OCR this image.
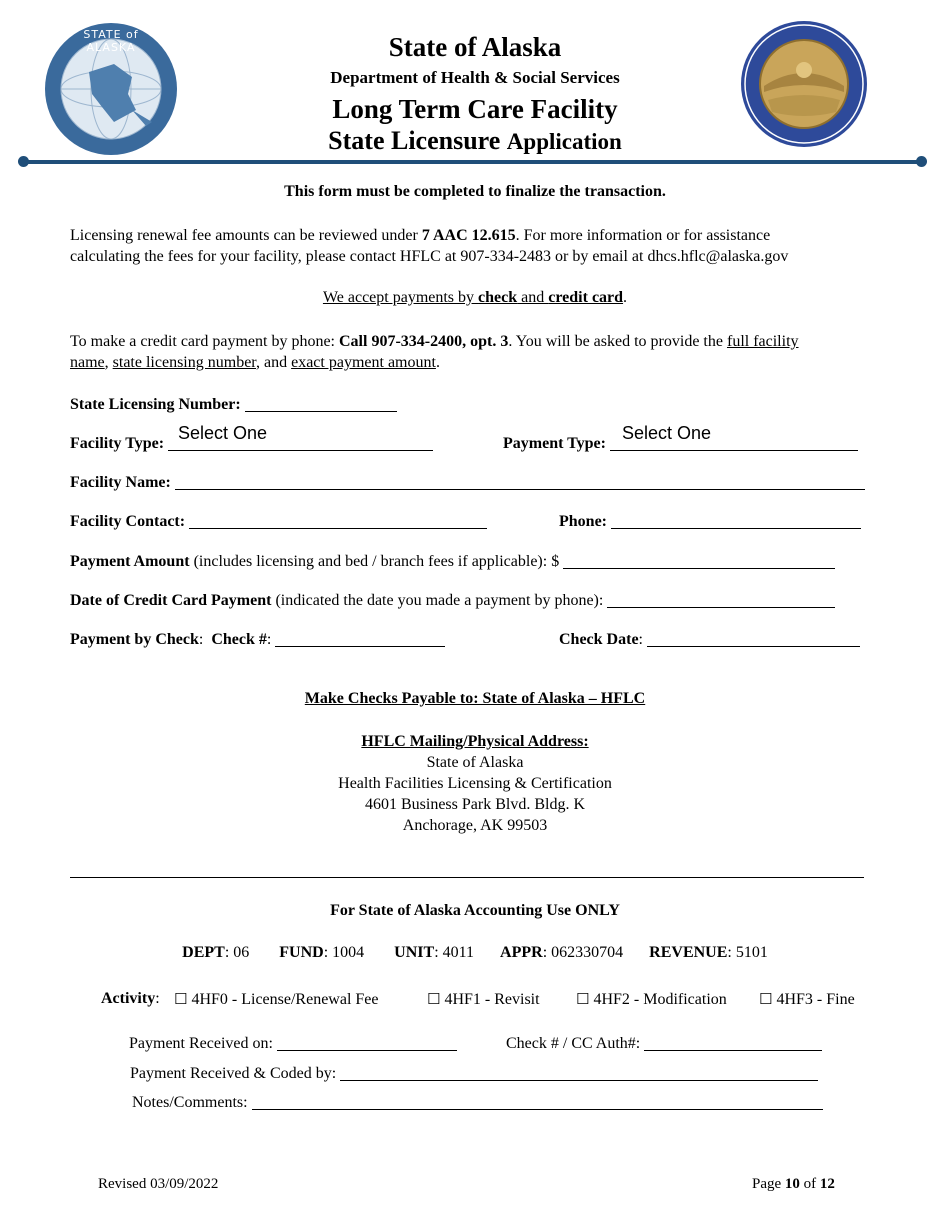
STATE of ALASKA	State of Alaska
Department of Health & Social Services
Long Term Care Facility
State Licensure Application
This form must be completed to finalize the transaction.
Licensing renewal fee amounts can be reviewed under 7 AAC 12.615. For more information or for assistance
calculating the fees for your facility, please contact HFLC at 907-334-2483 or by email at dhcs.hflc@alaska.gov
We accept payments by check and credit card.
To make a credit card payment by phone: Call 907-334-2400, opt. 3. You will be asked to provide the full facility
name, state licensing number, and exact payment amount.
State Licensing Number:
Facility Type:
Select One
Payment Type:
Select One
Facility Name:
Facility Contact:	Phone:
Payment Amount (includes licensing and bed / branch fees if applicable): $
Date of Credit Card Payment (indicated the date you made a payment by phone):
Payment by Check: Check #:	Check Date:
Make Checks Payable to: State of Alaska – HFLC
HFLC Mailing/Physical Address:
State of Alaska
Health Facilities Licensing & Certification
4601 Business Park Blvd. Bldg. K
Anchorage, AK 99503
For State of Alaska Accounting Use ONLY
DEPT: 06 FUND: 1004 UNIT: 4011 APPR: 062330704 REVENUE: 5101
Activity: ☐ 4HF0 - License/Renewal Fee	☐ 4HF1 - Revisit ☐ 4HF2 - Modification ☐ 4HF3 - Fine
Payment Received on:	Check # / CC Auth#:
Payment Received & Coded by:
Notes/Comments:
Revised 03/09/2022	Page 10 of 12
